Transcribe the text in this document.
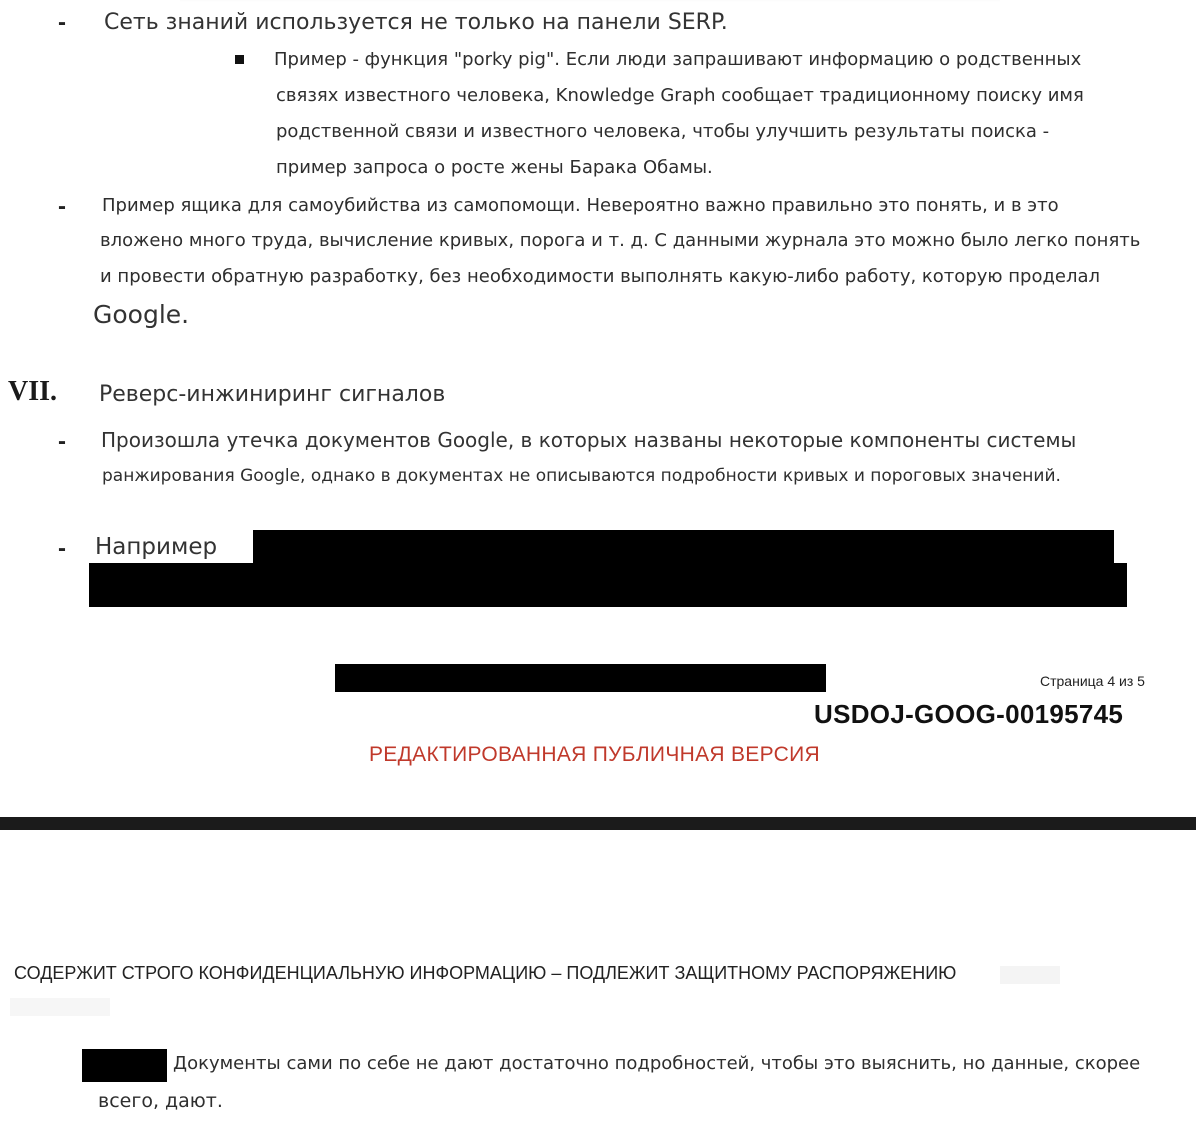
- Сеть знаний используется не только на панели SERP.
Пример - функция "porky pig". Если люди запрашивают информацию о родственных
связях известного человека, Knowledge Graph сообщает традиционному поиску имя
родственной связи и известного человека, чтобы улучшить результаты поиска -
пример запроса о росте жены Барака Обамы.
- Пример ящика для самоубийства из самопомощи. Невероятно важно правильно это понять, и в это
вложено много труда, вычисление кривых, порога и т. д. С данными журнала это можно было легко понять
и провести обратную разработку, без необходимости выполнять какую-либо работу, которую проделал
Google.
VII. Реверс-инжиниринг сигналов
- Произошла утечка документов Google, в которых названы некоторые компоненты системы
ранжирования Google, однако в документах не описываются подробности кривых и пороговых значений.
- Например
Страница 4 из 5
USDOJ-GOOG-00195745
РЕДАКТИРОВАННАЯ ПУБЛИЧНАЯ ВЕРСИЯ
СОДЕРЖИТ СТРОГО КОНФИДЕНЦИАЛЬНУЮ ИНФОРМАЦИЮ – ПОДЛЕЖИТ ЗАЩИТНОМУ РАСПОРЯЖЕНИЮ
Документы сами по себе не дают достаточно подробностей, чтобы это выяснить, но данные, скорее
всего, дают.
